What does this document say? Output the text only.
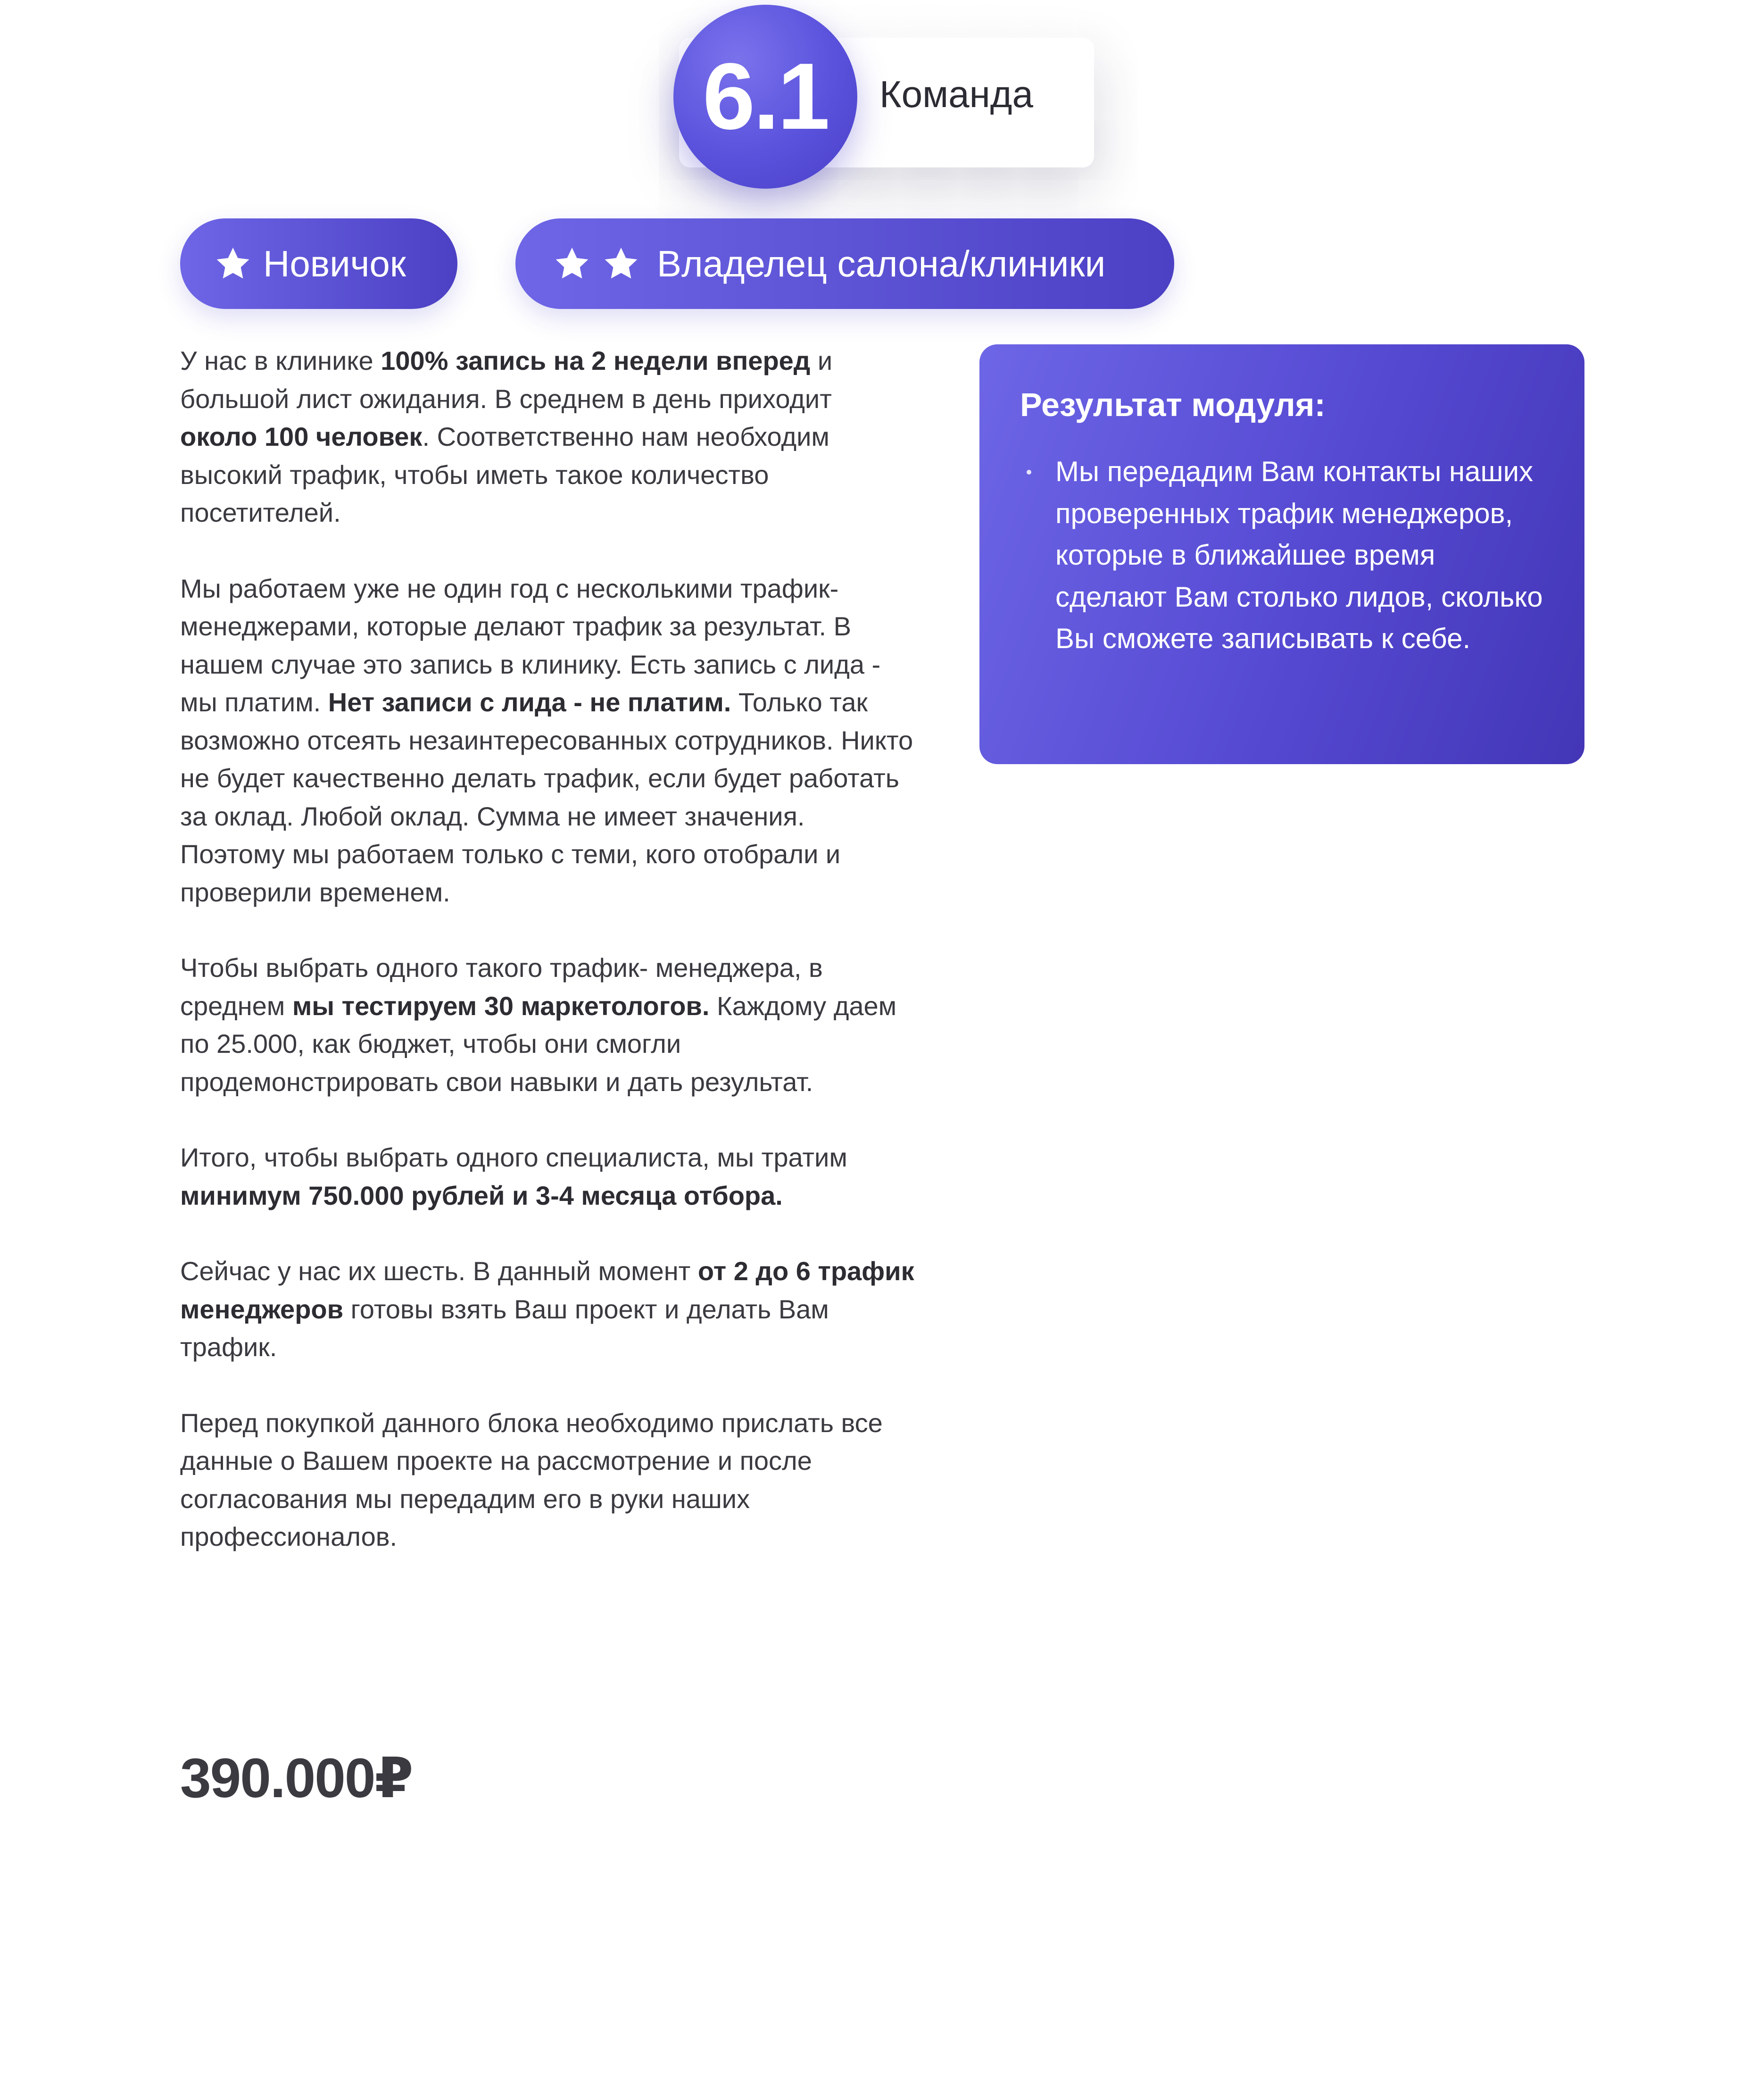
6.1	Команда
Новичок	Владелец салона/клиники

У нас в клинике 100% запись на 2 недели вперед и большой лист ожидания. В среднем в день приходит около 100 человек. Соответственно нам необходим высокий трафик, чтобы иметь такое количество посетителей.

Мы работаем уже не один год с несколькими трафик-менеджерами, которые делают трафик за результат. В нашем случае это запись в клинику. Есть запись с лида - мы платим. Нет записи с лида - не платим. Только так возможно отсеять незаинтересованных сотрудников. Никто не будет качественно делать трафик, если будет работать за оклад. Любой оклад. Сумма не имеет значения. Поэтому мы работаем только с теми, кого отобрали и проверили временем.

Чтобы выбрать одного такого трафик- менеджера, в среднем мы тестируем 30 маркетологов. Каждому даем по 25.000, как бюджет, чтобы они смогли продемонстрировать свои навыки и дать результат.

Итого, чтобы выбрать одного специалиста, мы тратим минимум 750.000 рублей и 3-4 месяца отбора.

Сейчас у нас их шесть. В данный момент от 2 до 6 трафик менеджеров готовы взять Ваш проект и делать Вам трафик.

Перед покупкой данного блока необходимо прислать все данные о Вашем проекте на рассмотрение и после согласования мы передадим его в руки наших профессионалов.

Результат модуля:
Мы передадим Вам контакты наших проверенных трафик менеджеров, которые в ближайшее время сделают Вам столько лидов, сколько Вы сможете записывать к себе.
390.000₽
